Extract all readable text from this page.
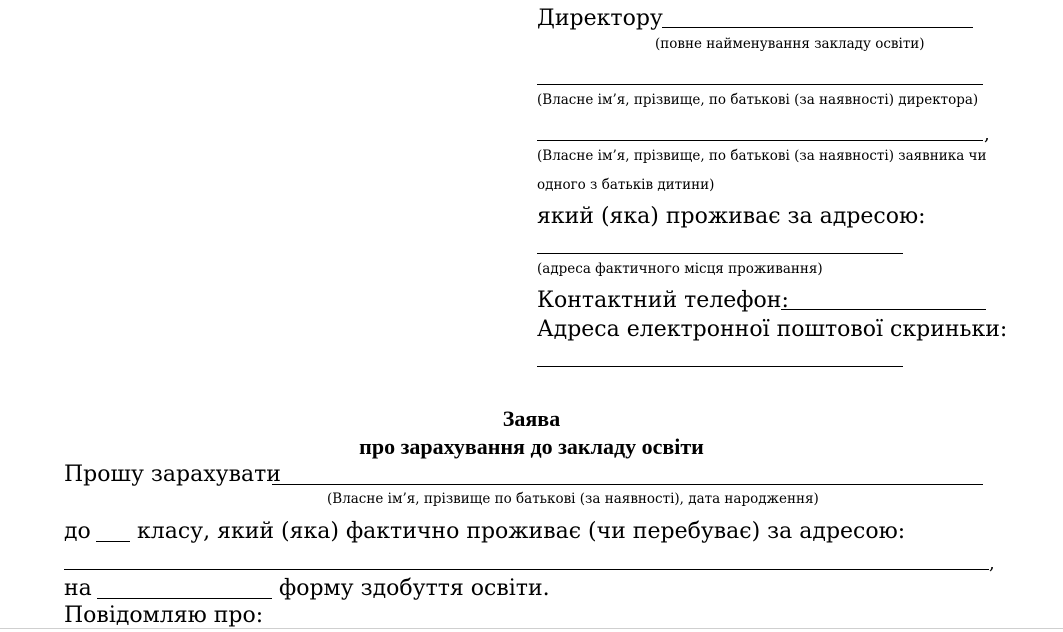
Директору
(повне найменування закладу освіти)
(Власне ім’я, прізвище, по батькові (за наявності) директора)
,
(Власне ім’я, прізвище, по батькові (за наявності) заявника чи
одного з батьків дитини)
який (яка) проживає за адресою:
(адреса фактичного місця проживання)
Контактний телефон:
Адреса електронної поштової скриньки:
Заява
про зарахування до закладу освіти
Прошу зарахувати
(Власне ім’я, прізвище по батькові (за наявності), дата народження)
до класу, який (яка) фактично проживає (чи перебуває) за адресою:
,
на	форму здобуття освіти.
Повідомляю про:
